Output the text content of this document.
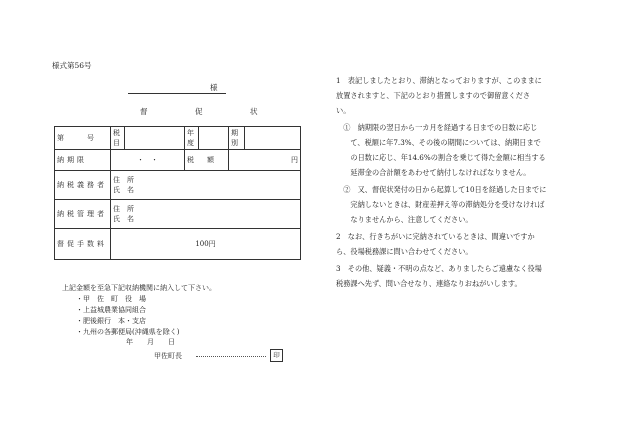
様式第56号
様
督　促　状
第　　号	税目		年度		期別	
納期限	・　・		税　額		円	
納税義務者	住　所
氏　名					

納税管理者	住　所
氏　名					

督促手数料	100円					
上記金額を至急下記収納機関に納入して下さい。
・甲　佐　町　役　場
・上益城農業協同組合
・肥後銀行　本・支店
・九州の各郵便局(沖縄県を除く)
年　　月　　日
甲佐町長	印
1　表記しましたとおり、滞納となっておりますが、このままに
放置されますと、下記のとおり措置しますので御留意くださ
い。
　①　納期限の翌日から一カ月を経過する日までの日数に応じ
　　て、税額に年7.3%、その後の期間については、納期日まで
　　の日数に応じ、年14.6%の割合を乗じて得た金額に相当する
　　延滞金の合計額をあわせて納付しなければなりません。
　②　又、督促状発付の日から起算して10日を経過した日までに
　　完納しないときは、財産差押え等の滞納処分を受けなければ
　　なりませんから、注意してください。
2　なお、行きちがいに完納されているときは、間違いですか
ら、役場税務課に問い合わせてください。
3　その他、疑義・不明の点など、ありましたらご遠慮なく役場
税務課へ先ず、問い合せなり、連絡なりおねがいします。
